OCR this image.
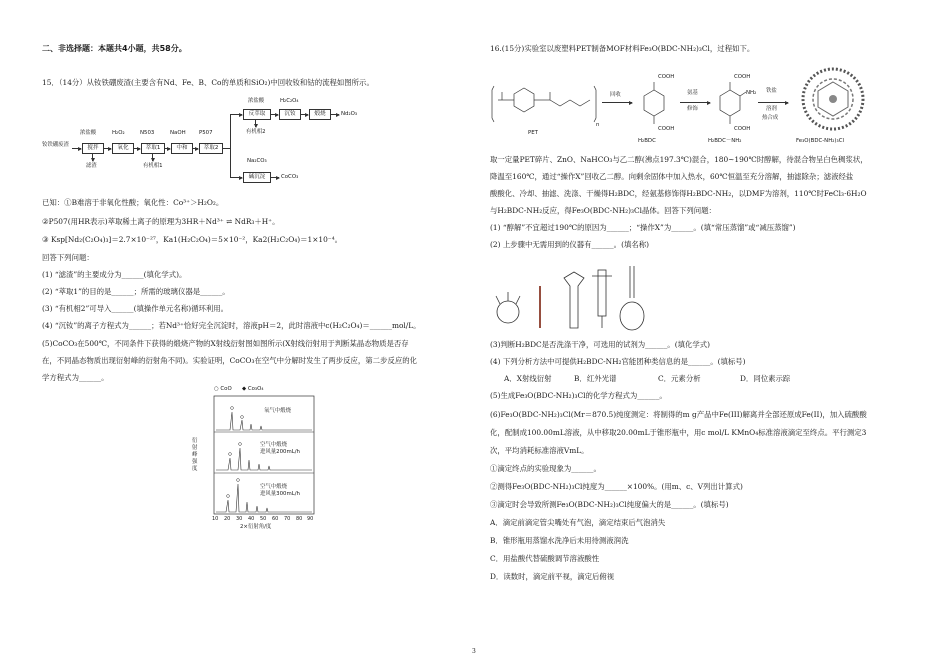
二、非选择题：本题共4小题，共58分。
15．（14分）从钕铁硼废渣(主要含有Nd、Fe、B、Co的单质和SiO₂)中回收钕和钴的流程如图所示。
钕铁硼废渣
浓盐酸	H₂O₂	N503	NaOH P507
搅拌	氧化	萃取1	中和	萃取2
滤渣	有机相1
浓盐酸	H₂C₂O₄
反萃取	沉钕	煅烧	Nd₂O₃
有机相2
Na₂CO₃
碱沉淀	CoCO₃
已知：①B难溶于非氧化性酸；氧化性：Co³⁺＞H₂O₂。
②P507(用HR表示)萃取稀土离子的原理为3HR＋Nd³⁺ ⇌ NdR₃＋H⁺。
③ Ksp[Nd₂(C₂O₄)₃]＝2.7×10⁻²⁷，Ka1(H₂C₂O₄)＝5×10⁻²，Ka2(H₂C₂O₄)＝1×10⁻⁴。
回答下列问题：
(1) “滤渣”的主要成分为______(填化学式)。
(2) “萃取1”的目的是______；所需的玻璃仪器是______。
(3) “有机相2”可导入______(填操作单元名称)循环利用。
(4) “沉钕”的离子方程式为______；若Nd³⁺恰好完全沉淀时，溶液pH＝2，此时溶液中c(H₂C₂O₄)＝______mol/L。
(5)CoCO₃在500℃，不同条件下获得的煅烧产物的X射线衍射图如图所示(X射线衍射用于判断某晶态物质是否存
在，不同晶态物质出现衍射峰的衍射角不同)。实验证明，CoCO₃在空气中分解时发生了两步反应，第二步反应的化
学方程式为______。
○ CoO ◆ Co₃O₄
衍射峰强度
氧气中煅烧
空气中煅烧
进风量200mL/h
空气中煅烧
进风量300mL/h
10 20 30 40 50 60 70 80 90
2×衍射角/度
16.(15分)实验室以废塑料PET制备MOF材料Fe₃O(BDC-NH₂)₃Cl，过程如下。
PET
n
回收
COOH
COOH
H₂BDC
氨基
修饰
COOH
NH₂
COOH
H₂BDC－NH₂
铁盐
溶剂
热合成
Fe₃O(BDC-NH₂)₃Cl
取一定量PET碎片、ZnO、NaHCO₃与乙二醇(沸点197.3℃)混合，180~190℃时醇解，待混合物呈白色稠浆状，
降温至160℃，通过“操作X”回收乙二醇。向剩余固体中加入热水，60℃恒温至充分溶解，抽滤除杂；滤液经盐
酸酸化、冷却、抽滤、洗涤、干燥得H₂BDC，经氨基修饰得H₂BDC-NH₂，以DMF为溶剂，110℃时FeCl₃·6H₂O
与H₂BDC-NH₂反应，得Fe₃O(BDC-NH₂)₃Cl晶体。回答下列问题：
(1) “醇解”不宜超过190℃的原因为______；“操作X”为______。(填“常压蒸馏”或“减压蒸馏”)
(2) 上步骤中无需用到的仪器有______。(填名称)
(3)判断H₂BDC是否洗涤干净，可选用的试剂为______。(填化学式)
(4) 下列分析方法中可提供H₂BDC-NH₂官能团种类信息的是______。(填标号)
A．X射线衍射	B．红外光谱	C．元素分析	D．同位素示踪
(5)生成Fe₃O(BDC-NH₂)₃Cl的化学方程式为______。
(6)Fe₃O(BDC-NH₂)₃Cl(Mr＝870.5)纯度测定：将制得的m g产品中Fe(III)解离并全部还原成Fe(II)，加入硫酸酸
化，配制成100.00mL溶液，从中移取20.00mL于锥形瓶中，用c mol/L KMnO₄标准溶液滴定至终点。平行测定3
次，平均消耗标准溶液VmL。
①滴定终点的实验现象为______。
②测得Fe₃O(BDC-NH₂)₃Cl纯度为______×100%。(用m、c、V列出计算式)
③滴定时会导致所测Fe₃O(BDC-NH₂)₃Cl纯度偏大的是______。(填标号)
A．滴定前滴定管尖嘴处有气泡，滴定结束后气泡消失
B．锥形瓶用蒸馏水洗净后未用待测液润洗
C．用盐酸代替硫酸调节溶液酸性
D．读数时，滴定前平视，滴定后俯视
3
